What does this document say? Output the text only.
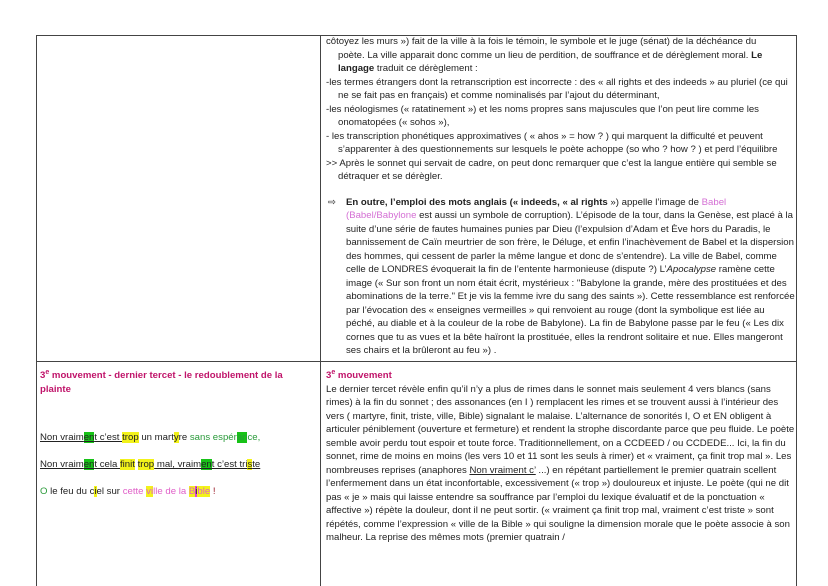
côtoyez les murs ») fait de la ville à la fois le témoin, le symbole et le juge (sénat) de la déchéance du

poète. La ville apparait donc comme un lieu de perdition, de souffrance et de dérèglement moral. Le langage traduit ce dérèglement :

-les termes étrangers dont la retranscription est incorrecte : des « all rights et des indeeds » au pluriel (ce qui ne se fait pas en français) et comme nominalisés par l’ajout du déterminant,

-les néologismes (« ratatinement ») et les noms propres sans majuscules que l’on peut lire comme les onomatopées (« sohos »),

- les transcription phonétiques approximatives ( « ahos » = how ? ) qui marquent la difficulté et peuvent s’apparenter à des questionnements sur lesquels le poète achoppe (so who ? how ? ) et perd l’équilibre

>> Après le sonnet qui servait de cadre, on peut donc remarquer que c’est la langue entière qui semble se détraquer et se dérègler.

⇨	En outre, l’emploi des mots anglais (« indeeds, « al rights ») appelle l’image de Babel (Babel/Babylone est aussi un symbole de corruption). L’épisode de la tour, dans la Genèse, est placé à la suite d’une série de fautes humaines punies par Dieu (l’expulsion d’Adam et Ève hors du Paradis, le bannissement de Caïn meurtrier de son frère, le Déluge, et enfin l’inachèvement de Babel et la dispersion des hommes, qui cessent de parler la même langue et donc de s’entendre). La ville de Babel, comme celle de LONDRES évoquerait la fin de l’entente harmonieuse (dispute ?) L’Apocalypse ramène cette image (« Sur son front un nom était écrit, mystérieux : "Babylone la grande, mère des prostituées et des abominations de la terre." Et je vis la femme ivre du sang des saints »). Cette ressemblance est renforcée par l’évocation des « enseignes vermeilles » qui renvoient au rouge (dont la symbolique est liée au péché, au diable et à la couleur de la robe de Babylone). La fin de Babylone passe par le feu (« Les dix cornes que tu as vues et la bête haïront la prostituée, elles la rendront solitaire et nue. Elles mangeront ses chairs et la brûleront au feu ») .

3e mouvement - dernier tercet - le redoublement de la plainte

Non vraiment c’est trop un martyre sans espérance,
Non vraiment cela finit trop mal, vraiment c’est triste
O le feu du ciel sur cette ville de la B ble !

3e mouvement

Le dernier tercet révèle enfin qu’il n’y a plus de rimes dans le sonnet mais seulement 4 vers blancs (sans rimes) à la fin du sonnet ; des assonances (en I ) remplacent les rimes et se trouvent aussi à l’intérieur des vers ( martyre, finit, triste, ville, Bible) signalant le malaise. L’alternance de sonorités I, O et EN obligent à articuler péniblement (ouverture et fermeture) et rendent la strophe discordante parce que peu fluide. Le poète semble avoir perdu tout espoir et toute force. Traditionnellement, on a CCDEED / ou CCDEDE... Ici, la fin du sonnet, rime de moins en moins (les vers 10 et 11 sont les seuls à rimer) et « vraiment, ça finit trop mal ». Les nombreuses reprises (anaphores Non vraiment c’ ...) en répétant partiellement le premier quatrain scellent l’enfermement dans un état inconfortable, excessivement (« trop ») douloureux et injuste. Le poète (qui ne dit pas « je » mais qui laisse entendre sa souffrance par l’emploi du lexique évaluatif et de la ponctuation « affective ») répète la douleur, dont il ne peut sortir. (« vraiment ça finit trop mal, vraiment c’est triste » sont répétés, comme l’expression « ville de la Bible » qui souligne la dimension morale que le poète associe à son malheur. La reprise des mêmes mots (premier quatrain /
